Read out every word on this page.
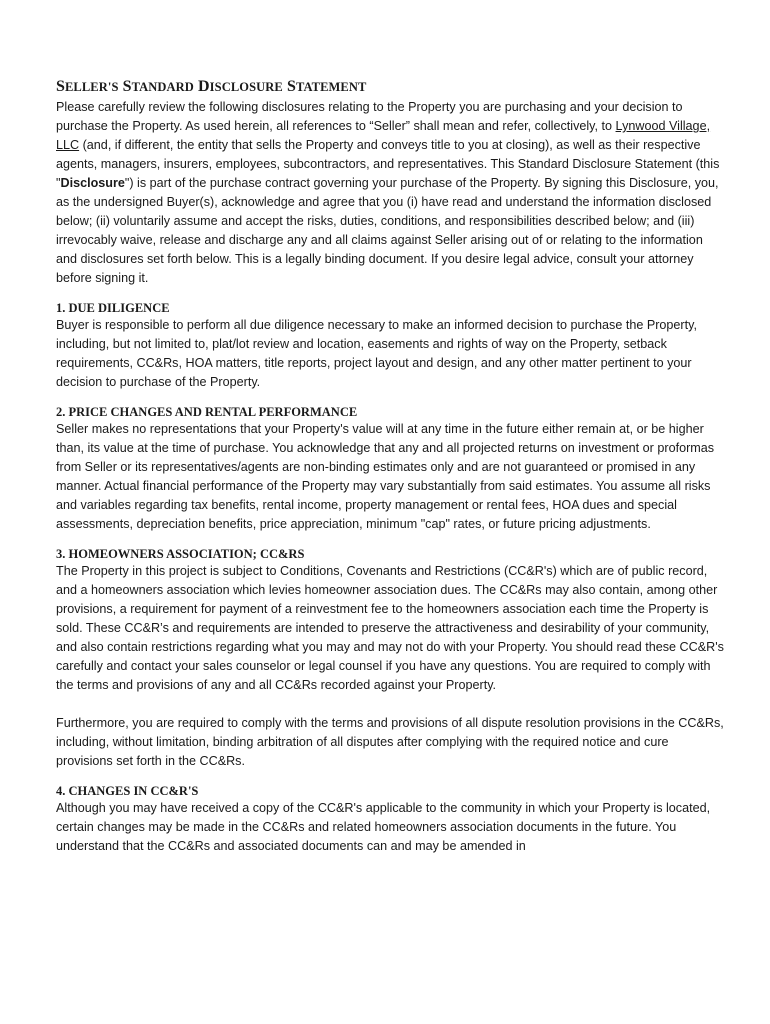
SELLER'S STANDARD DISCLOSURE STATEMENT

Please carefully review the following disclosures relating to the Property you are purchasing and your decision to purchase the Property. As used herein, all references to “Seller” shall mean and refer, collectively, to Lynwood Village, LLC (and, if different, the entity that sells the Property and conveys title to you at closing), as well as their respective agents, managers, insurers, employees, subcontractors, and representatives. This Standard Disclosure Statement (this "Disclosure") is part of the purchase contract governing your purchase of the Property. By signing this Disclosure, you, as the undersigned Buyer(s), acknowledge and agree that you (i) have read and understand the information disclosed below; (ii) voluntarily assume and accept the risks, duties, conditions, and responsibilities described below; and (iii) irrevocably waive, release and discharge any and all claims against Seller arising out of or relating to the information and disclosures set forth below. This is a legally binding document. If you desire legal advice, consult your attorney before signing it.

1. DUE DILIGENCE

Buyer is responsible to perform all due diligence necessary to make an informed decision to purchase the Property, including, but not limited to, plat/lot review and location, easements and rights of way on the Property, setback requirements, CC&Rs, HOA matters, title reports, project layout and design, and any other matter pertinent to your decision to purchase of the Property.

2. PRICE CHANGES AND RENTAL PERFORMANCE

Seller makes no representations that your Property's value will at any time in the future either remain at, or be higher than, its value at the time of purchase. You acknowledge that any and all projected returns on investment or proformas from Seller or its representatives/agents are non-binding estimates only and are not guaranteed or promised in any manner. Actual financial performance of the Property may vary substantially from said estimates. You assume all risks and variables regarding tax benefits, rental income, property management or rental fees, HOA dues and special assessments, depreciation benefits, price appreciation, minimum "cap" rates, or future pricing adjustments.

3. HOMEOWNERS ASSOCIATION; CC&RS

The Property in this project is subject to Conditions, Covenants and Restrictions (CC&R's) which are of public record, and a homeowners association which levies homeowner association dues. The CC&Rs may also contain, among other provisions, a requirement for payment of a reinvestment fee to the homeowners association each time the Property is sold. These CC&R’s and requirements are intended to preserve the attractiveness and desirability of your community, and also contain restrictions regarding what you may and may not do with your Property. You should read these CC&R's carefully and contact your sales counselor or legal counsel if you have any questions. You are required to comply with the terms and provisions of any and all CC&Rs recorded against your Property.

Furthermore, you are required to comply with the terms and provisions of all dispute resolution provisions in the CC&Rs, including, without limitation, binding arbitration of all disputes after complying with the required notice and cure provisions set forth in the CC&Rs.

4. CHANGES IN CC&R'S

Although you may have received a copy of the CC&R's applicable to the community in which your Property is located, certain changes may be made in the CC&Rs and related homeowners association documents in the future. You understand that the CC&Rs and associated documents can and may be amended in
